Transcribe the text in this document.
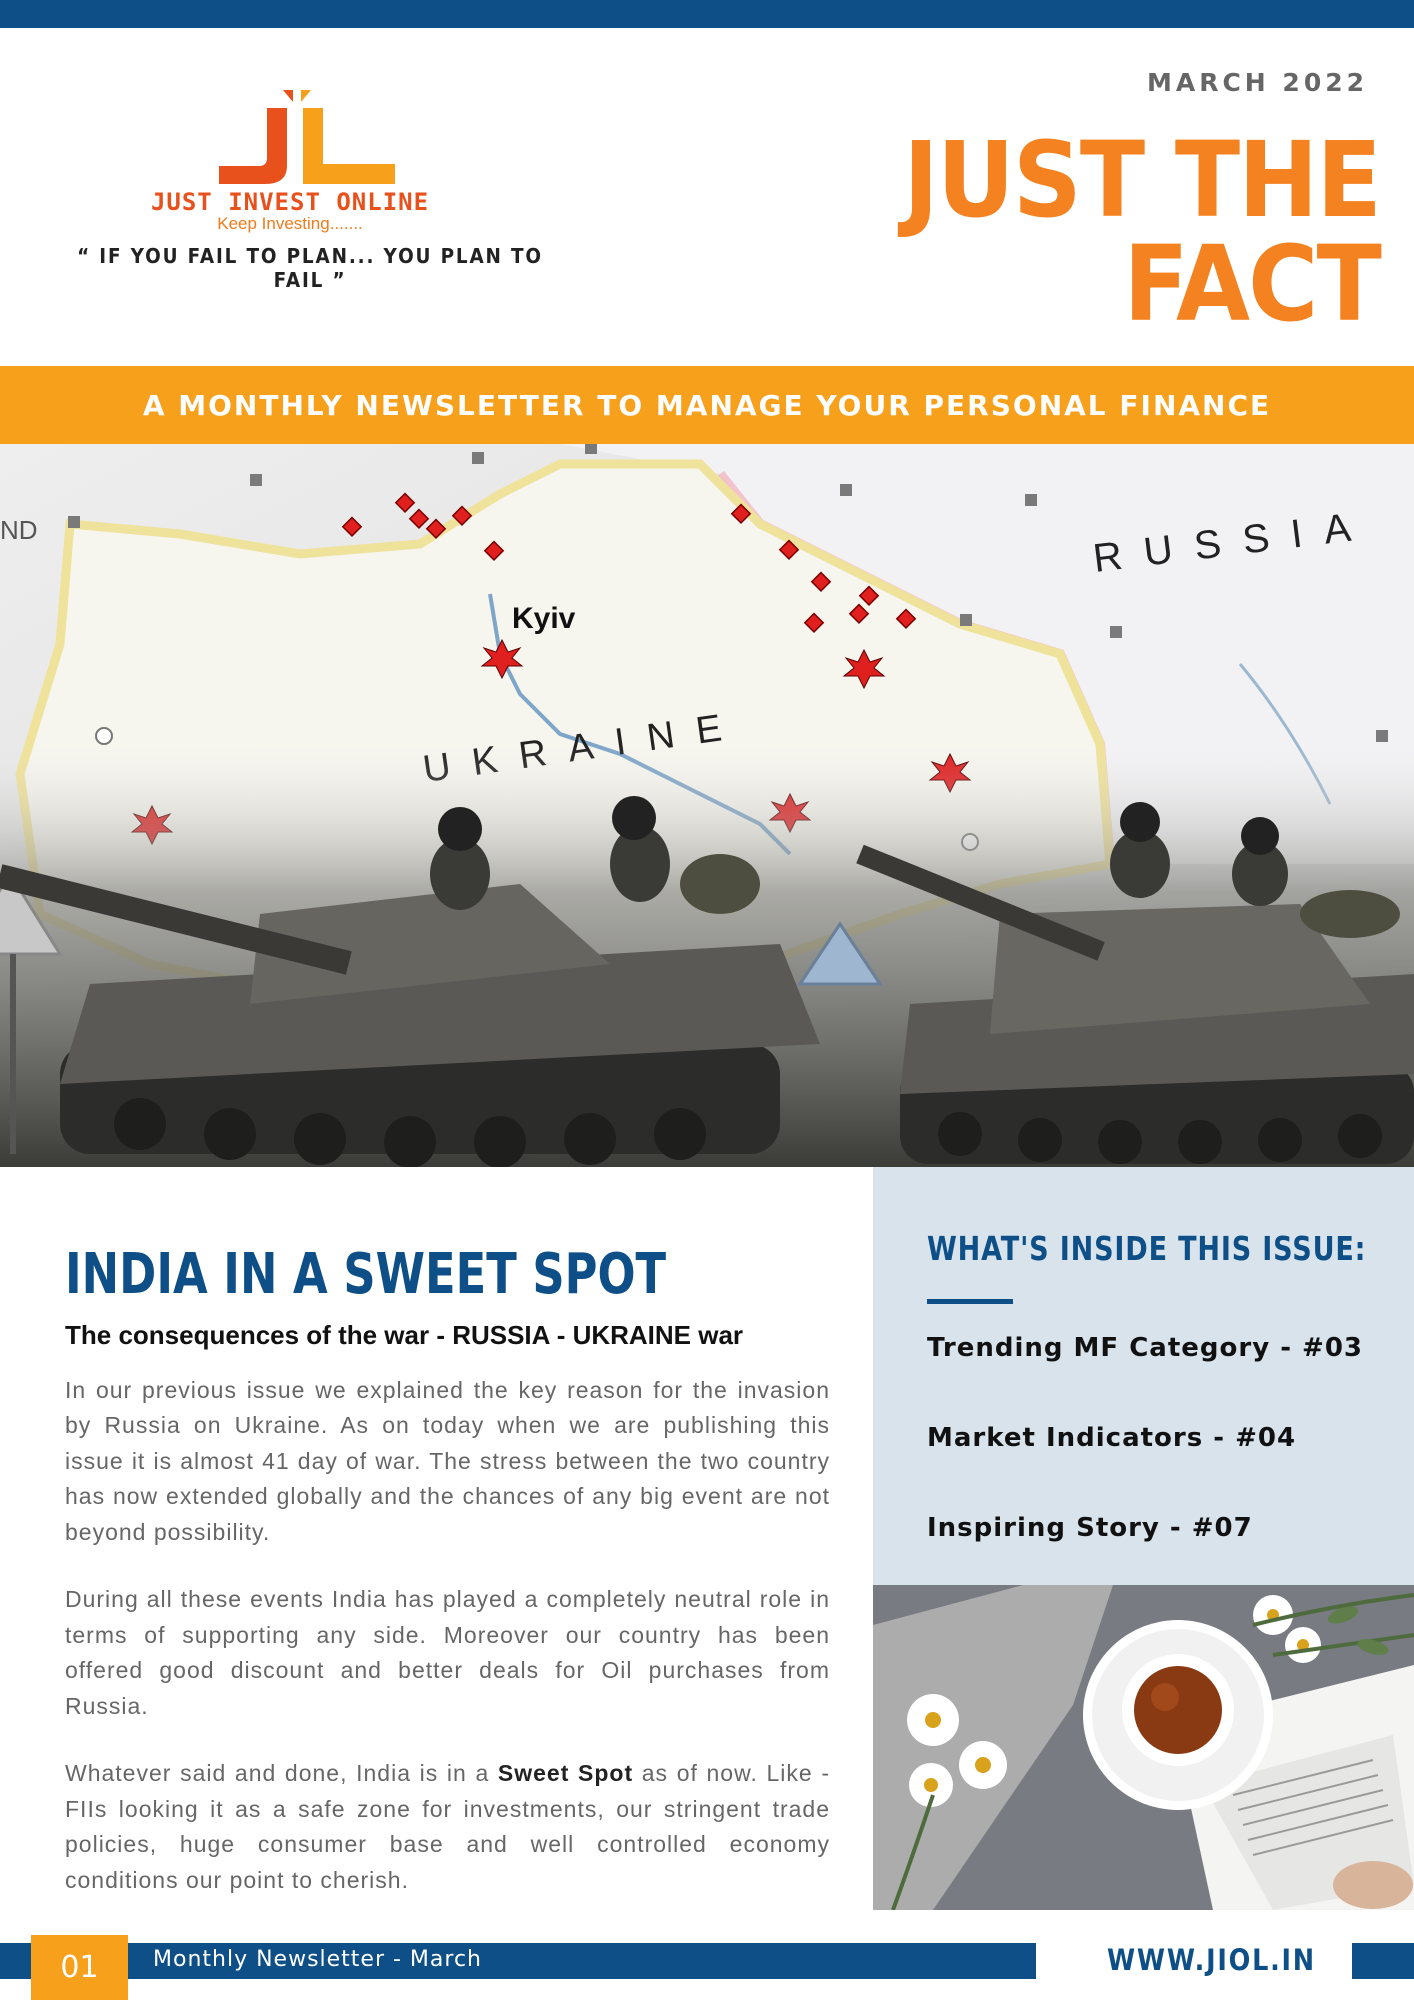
MARCH 2022
JUST INVEST ONLINE
Keep Investing.......
“ IF YOU FAIL TO PLAN... YOU PLAN TO FAIL ”
JUST THE FACT
A MONTHLY NEWSLETTER TO MANAGE YOUR PERSONAL FINANCE
Kyiv
RUSSIA
ND
INDIA IN A SWEET SPOT
The consequences of the war - RUSSIA - UKRAINE war

In our previous issue we explained the key reason for the invasion by Russia on Ukraine. As on today when we are publishing this issue it is almost 41 day of war. The stress between the two country has now extended globally and the chances of any big event are not beyond possibility.

During all these events India has played a completely neutral role in terms of supporting any side. Moreover our country has been offered good discount and better deals for Oil purchases from Russia.

Whatever said and done, India is in a Sweet Spot as of now. Like - FIIs looking it as a safe zone for investments, our stringent trade policies, huge consumer base and well controlled economy conditions our point to cherish.

WHAT'S INSIDE THIS ISSUE:
Trending MF Category - #03
Market Indicators - #04
Inspiring Story - #07
01	Monthly Newsletter - March	WWW.JIOL.IN
